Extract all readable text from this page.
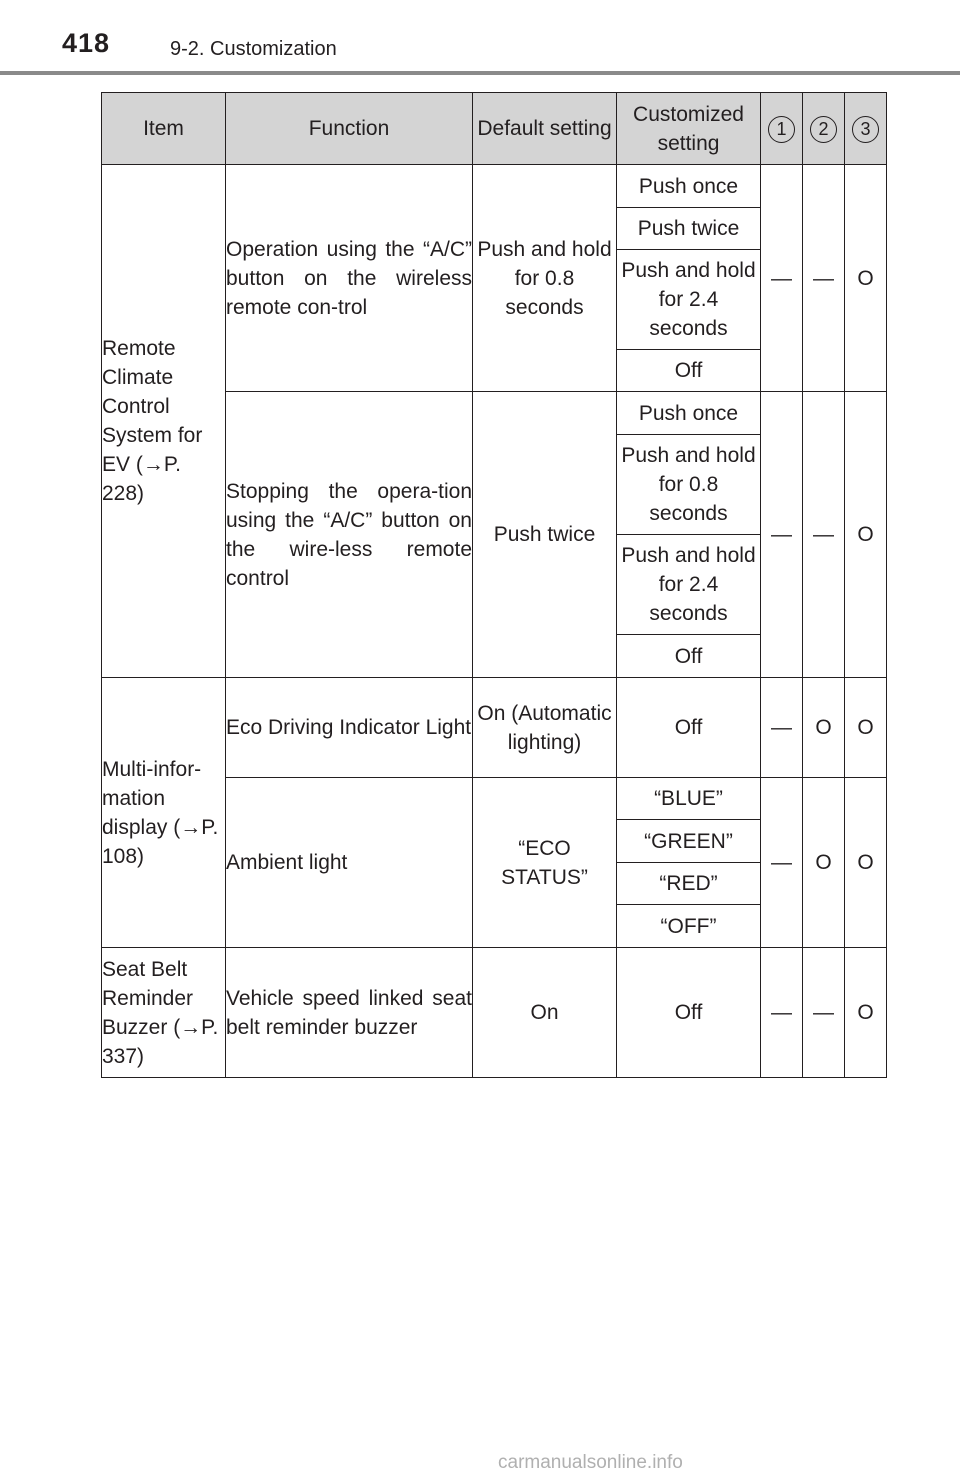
418	9-2. Customization
Item	Function	Default setting	Customized setting	1	2	3
Remote Climate Control System for EV (→P. 228)	Operation using the “A/C” button on the wireless remote con-trol	Push and hold for 0.8 seconds	Push once	—	—	O
			Push twice			
			Push and hold for 2.4 seconds			
			Off			
	Stopping the opera-tion using the “A/C” button on the wire-less remote control	Push twice	Push once	—	—	O
			Push and hold for 0.8 seconds			
			Push and hold for 2.4 seconds			
			Off			
Multi-infor-mation display (→P. 108)	Eco Driving Indicator Light	On (Automatic lighting)	Off	—	O	O
	Ambient light	“ECO STATUS”	“BLUE”	—	O	O
			“GREEN”			
			“RED”			
			“OFF”			
Seat Belt Reminder Buzzer (→P. 337)	Vehicle speed linked seat belt reminder buzzer	On	Off	—	—	O
carmanualsonline.info
